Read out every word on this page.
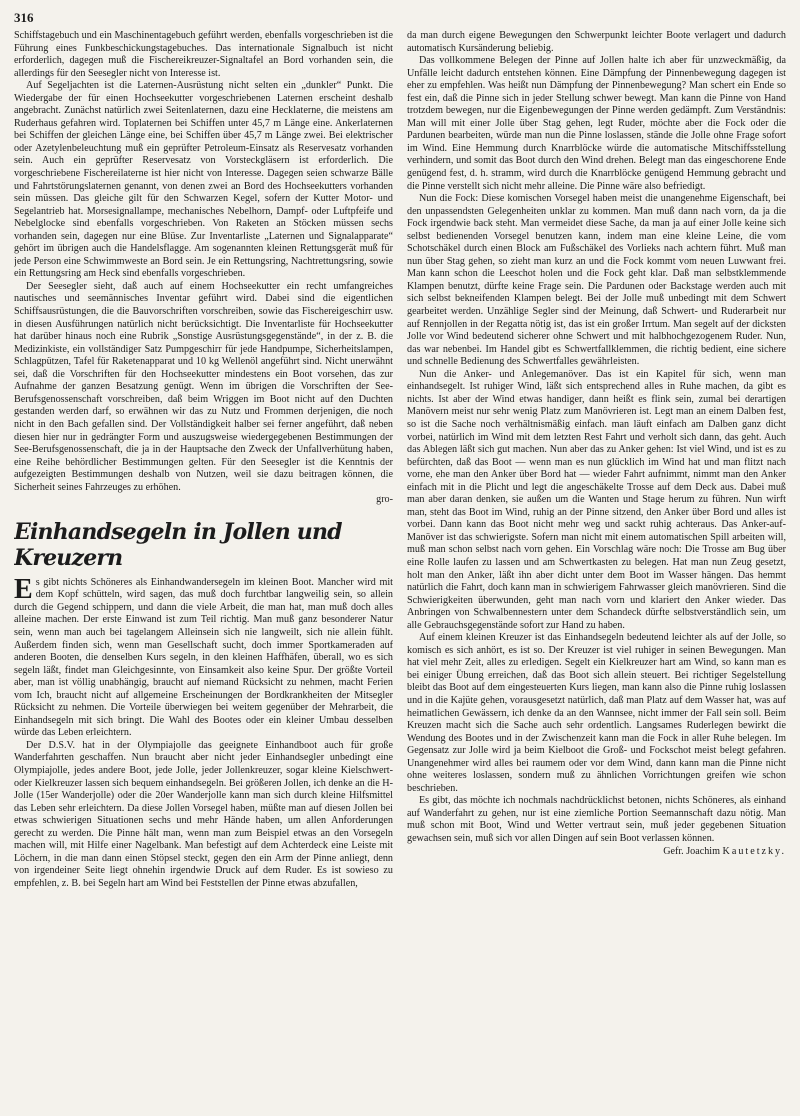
316

Schiffstagebuch und ein Maschinentagebuch geführt werden, ebenfalls vorgeschrieben ist die Führung eines Funkbeschickungstagebuches. Das internationale Signalbuch ist nicht erforderlich, dagegen muß die Fischereikreuzer-Signaltafel an Bord vorhanden sein, die allerdings für den Seesegler nicht von Interesse ist.

Auf Segeljachten ist die Laternen-Ausrüstung nicht selten ein „dunkler“ Punkt. Die Wiedergabe der für einen Hochseekutter vorgeschriebenen Laternen erscheint deshalb angebracht. Zunächst natürlich zwei Seitenlaternen, dazu eine Hecklaterne, die meistens am Ruderhaus gefahren wird. Toplaternen bei Schiffen unter 45,7 m Länge eine. Ankerlaternen bei Schiffen der gleichen Länge eine, bei Schiffen über 45,7 m Länge zwei. Bei elektrischer oder Azetylenbeleuchtung muß ein geprüfter Petroleum-Einsatz als Reservesatz vorhanden sein. Auch ein geprüfter Reservesatz von Vorsteckgläsern ist erforderlich. Die vorgeschriebene Fischereilaterne ist hier nicht von Interesse. Dagegen seien schwarze Bälle und Fahrtstörungslaternen genannt, von denen zwei an Bord des Hochseekutters vorhanden sein müssen. Das gleiche gilt für den Schwarzen Kegel, sofern der Kutter Motor- und Segelantrieb hat. Morsesignallampe, mechanisches Nebelhorn, Dampf- oder Luftpfeife und Nebelglocke sind ebenfalls vorgeschrieben. Von Raketen an Stöcken müssen sechs vorhanden sein, dagegen nur eine Blüse. Zur Inventarliste „Laternen und Signalapparate“ gehört im übrigen auch die Handelsflagge. Am sogenannten kleinen Rettungsgerät muß für jede Person eine Schwimmweste an Bord sein. Je ein Rettungsring, Nachtrettungsring, sowie ein Rettungsring am Heck sind ebenfalls vorgeschrieben.

Der Seesegler sieht, daß auch auf einem Hochseekutter ein recht umfangreiches nautisches und seemännisches Inventar geführt wird. Dabei sind die eigentlichen Schiffsausrüstungen, die die Bauvorschriften vorschreiben, sowie das Fischereigeschirr usw. in diesen Ausführungen natürlich nicht berücksichtigt. Die Inventarliste für Hochseekutter hat darüber hinaus noch eine Rubrik „Sonstige Ausrüstungsgegenstände“, in der z. B. die Medizinkiste, ein vollständiger Satz Pumpgeschirr für jede Handpumpe, Sicherheitslampen, Schlagpützen, Tafel für Raketenapparat und 10 kg Wellenöl angeführt sind. Nicht unerwähnt sei, daß die Vorschriften für den Hochseekutter mindestens ein Boot vorsehen, das zur Aufnahme der ganzen Besatzung genügt. Wenn im übrigen die Vorschriften der See-Berufsgenossenschaft vorschreiben, daß beim Wriggen im Boot nicht auf den Duchten gestanden werden darf, so erwähnen wir das zu Nutz und Frommen derjenigen, die noch nicht in den Bach gefallen sind. Der Vollständigkeit halber sei ferner angeführt, daß neben diesen hier nur in gedrängter Form und auszugsweise wiedergegebenen Bestimmungen der See-Berufsgenossenschaft, die ja in der Hauptsache den Zweck der Unfallverhütung haben, eine Reihe behördlicher Bestimmungen gelten. Für den Seesegler ist die Kenntnis der aufgezeigten Bestimmungen deshalb von Nutzen, weil sie dazu beitragen können, die Sicherheit seines Fahrzeuges zu erhöhen.

gro-

Einhandsegeln in Jollen und Kreuzern

Es gibt nichts Schöneres als Einhandwandersegeln im kleinen Boot. Mancher wird mit dem Kopf schütteln, wird sagen, das muß doch furchtbar langweilig sein, so allein durch die Gegend schippern, und dann die viele Arbeit, die man hat, man muß doch alles alleine machen. Der erste Einwand ist zum Teil richtig. Man muß ganz besonderer Natur sein, wenn man auch bei tagelangem Alleinsein sich nie langweilt, sich nie allein fühlt. Außerdem finden sich, wenn man Gesellschaft sucht, doch immer Sportkameraden auf anderen Booten, die denselben Kurs segeln, in den kleinen Haffhäfen, überall, wo es sich segeln läßt, findet man Gleichgesinnte, von Einsamkeit also keine Spur. Der größte Vorteil aber, man ist völlig unabhängig, braucht auf niemand Rücksicht zu nehmen, macht Ferien vom Ich, braucht nicht auf allgemeine Erscheinungen der Bordkrankheiten der Mitsegler Rücksicht zu nehmen. Die Vorteile überwiegen bei weitem gegenüber der Mehrarbeit, die Einhandsegeln mit sich bringt. Die Wahl des Bootes oder ein kleiner Umbau desselben würde das Leben erleichtern.

Der D.S.V. hat in der Olympiajolle das geeignete Einhandboot auch für große Wanderfahrten geschaffen. Nun braucht aber nicht jeder Einhandsegler unbedingt eine Olympiajolle, jedes andere Boot, jede Jolle, jeder Jollenkreuzer, sogar kleine Kielschwert- oder Kielkreuzer lassen sich bequem einhandsegeln. Bei größeren Jollen, ich denke an die H-Jolle (15er Wanderjolle) oder die 20er Wanderjolle kann man sich durch kleine Hilfsmittel das Leben sehr erleichtern. Da diese Jollen Vorsegel haben, müßte man auf diesen Jollen bei etwas schwierigen Situationen sechs und mehr Hände haben, um allen Anforderungen gerecht zu werden. Die Pinne hält man, wenn man zum Beispiel etwas an den Vorsegeln machen will, mit Hilfe einer Nagelbank. Man befestigt auf dem Achterdeck eine Leiste mit Löchern, in die man dann einen Stöpsel steckt, gegen den ein Arm der Pinne anliegt, denn von irgendeiner Seite liegt ohnehin irgendwie Druck auf dem Ruder. Es ist sowieso zu empfehlen, z. B. bei Segeln hart am Wind bei Feststellen der Pinne etwas abzufallen,

da man durch eigene Bewegungen den Schwerpunkt leichter Boote verlagert und dadurch automatisch Kursänderung beliebig.

Das vollkommene Belegen der Pinne auf Jollen halte ich aber für unzweckmäßig, da Unfälle leicht dadurch entstehen können. Eine Dämpfung der Pinnenbewegung dagegen ist eher zu empfehlen. Was heißt nun Dämpfung der Pinnenbewegung? Man schert ein Ende so fest ein, daß die Pinne sich in jeder Stellung schwer bewegt. Man kann die Pinne von Hand trotzdem bewegen, nur die Eigenbewegungen der Pinne werden gedämpft. Zum Verständnis: Man will mit einer Jolle über Stag gehen, legt Ruder, möchte aber die Fock oder die Pardunen bearbeiten, würde man nun die Pinne loslassen, stände die Jolle ohne Frage sofort im Wind. Eine Hemmung durch Knarrblöcke würde die automatische Mitschiffsstellung verhindern, und somit das Boot durch den Wind drehen. Belegt man das eingeschorene Ende genügend fest, d. h. stramm, wird durch die Knarrblöcke genügend Hemmung gebracht und die Pinne verstellt sich nicht mehr alleine. Die Pinne wäre also befriedigt.

Nun die Fock: Diese komischen Vorsegel haben meist die unangenehme Eigenschaft, bei den unpassendsten Gelegenheiten unklar zu kommen. Man muß dann nach vorn, da ja die Fock irgendwie back steht. Man vermeidet diese Sache, da man ja auf einer Jolle keine sich selbst bedienenden Vorsegel benutzen kann, indem man eine kleine Leine, die vom Schotschäkel durch einen Block am Fußschäkel des Vorlieks nach achtern führt. Muß man nun über Stag gehen, so zieht man kurz an und die Fock kommt vom neuen Luwwant frei. Man kann schon die Leeschot holen und die Fock geht klar. Daß man selbstklemmende Klampen benutzt, dürfte keine Frage sein. Die Pardunen oder Backstage werden auch mit sich selbst bekneifenden Klampen belegt. Bei der Jolle muß unbedingt mit dem Schwert gearbeitet werden. Unzählige Segler sind der Meinung, daß Schwert- und Ruderarbeit nur auf Rennjollen in der Regatta nötig ist, das ist ein großer Irrtum. Man segelt auf der dicksten Jolle vor Wind bedeutend sicherer ohne Schwert und mit halbhochgezogenem Ruder. Nun, das war nebenbei. Im Handel gibt es Schwertfallklemmen, die richtig bedient, eine sichere und schnelle Bedienung des Schwertfalles gewährleisten.

Nun die Anker- und Anlegemanöver. Das ist ein Kapitel für sich, wenn man einhandsegelt. Ist ruhiger Wind, läßt sich entsprechend alles in Ruhe machen, da gibt es nichts. Ist aber der Wind etwas handiger, dann heißt es flink sein, zumal bei derartigen Manövern meist nur sehr wenig Platz zum Manövrieren ist. Legt man an einem Dalben fest, so ist die Sache noch verhältnismäßig einfach. man läuft einfach am Dalben ganz dicht vorbei, natürlich im Wind mit dem letzten Rest Fahrt und verholt sich dann, das geht. Auch das Ablegen läßt sich gut machen. Nun aber das zu Anker gehen: Ist viel Wind, und ist es zu befürchten, daß das Boot — wenn man es nun glücklich im Wind hat und man flitzt nach vorne, ehe man den Anker über Bord hat — wieder Fahrt aufnimmt, nimmt man den Anker einfach mit in die Plicht und legt die angeschäkelte Trosse auf dem Deck aus. Dabei muß man aber daran denken, sie außen um die Wanten und Stage herum zu führen. Nun wirft man, steht das Boot im Wind, ruhig an der Pinne sitzend, den Anker über Bord und alles ist vorbei. Dann kann das Boot nicht mehr weg und sackt ruhig achteraus. Das Anker-auf-Manöver ist das schwierigste. Sofern man nicht mit einem automatischen Spill arbeiten will, muß man schon selbst nach vorn gehen. Ein Vorschlag wäre noch: Die Trosse am Bug über eine Rolle laufen zu lassen und am Schwertkasten zu belegen. Hat man nun Zeug gesetzt, holt man den Anker, läßt ihn aber dicht unter dem Boot im Wasser hängen. Das hemmt natürlich die Fahrt, doch kann man in schwierigem Fahrwasser gleich manövrieren. Sind die Schwierigkeiten überwunden, geht man nach vorn und klariert den Anker wieder. Das Anbringen von Schwalbennestern unter dem Schandeck dürfte selbstverständlich sein, um alle Gebrauchsgegenstände sofort zur Hand zu haben.

Auf einem kleinen Kreuzer ist das Einhandsegeln bedeutend leichter als auf der Jolle, so komisch es sich anhört, es ist so. Der Kreuzer ist viel ruhiger in seinen Bewegungen. Man hat viel mehr Zeit, alles zu erledigen. Segelt ein Kielkreuzer hart am Wind, so kann man es bei einiger Übung erreichen, daß das Boot sich allein steuert. Bei richtiger Segelstellung bleibt das Boot auf dem eingesteuerten Kurs liegen, man kann also die Pinne ruhig loslassen und in die Kajüte gehen, vorausgesetzt natürlich, daß man Platz auf dem Wasser hat, was auf heimatlichen Gewässern, ich denke da an den Wannsee, nicht immer der Fall sein soll. Beim Kreuzen macht sich die Sache auch sehr ordentlich. Langsames Ruderlegen bewirkt die Wendung des Bootes und in der Zwischenzeit kann man die Fock in aller Ruhe belegen. Im Gegensatz zur Jolle wird ja beim Kielboot die Groß- und Fockschot meist belegt gefahren. Unangenehmer wird alles bei raumem oder vor dem Wind, dann kann man die Pinne nicht ohne weiteres loslassen, sondern muß zu ähnlichen Vorrichtungen greifen wie schon beschrieben.

Es gibt, das möchte ich nochmals nachdrücklichst betonen, nichts Schöneres, als einhand auf Wanderfahrt zu gehen, nur ist eine ziemliche Portion Seemannschaft dazu nötig. Man muß schon mit Boot, Wind und Wetter vertraut sein, muß jeder gegebenen Situation gewachsen sein, muß sich vor allen Dingen auf sein Boot verlassen können.

Gefr. Joachim Kautetzky.
